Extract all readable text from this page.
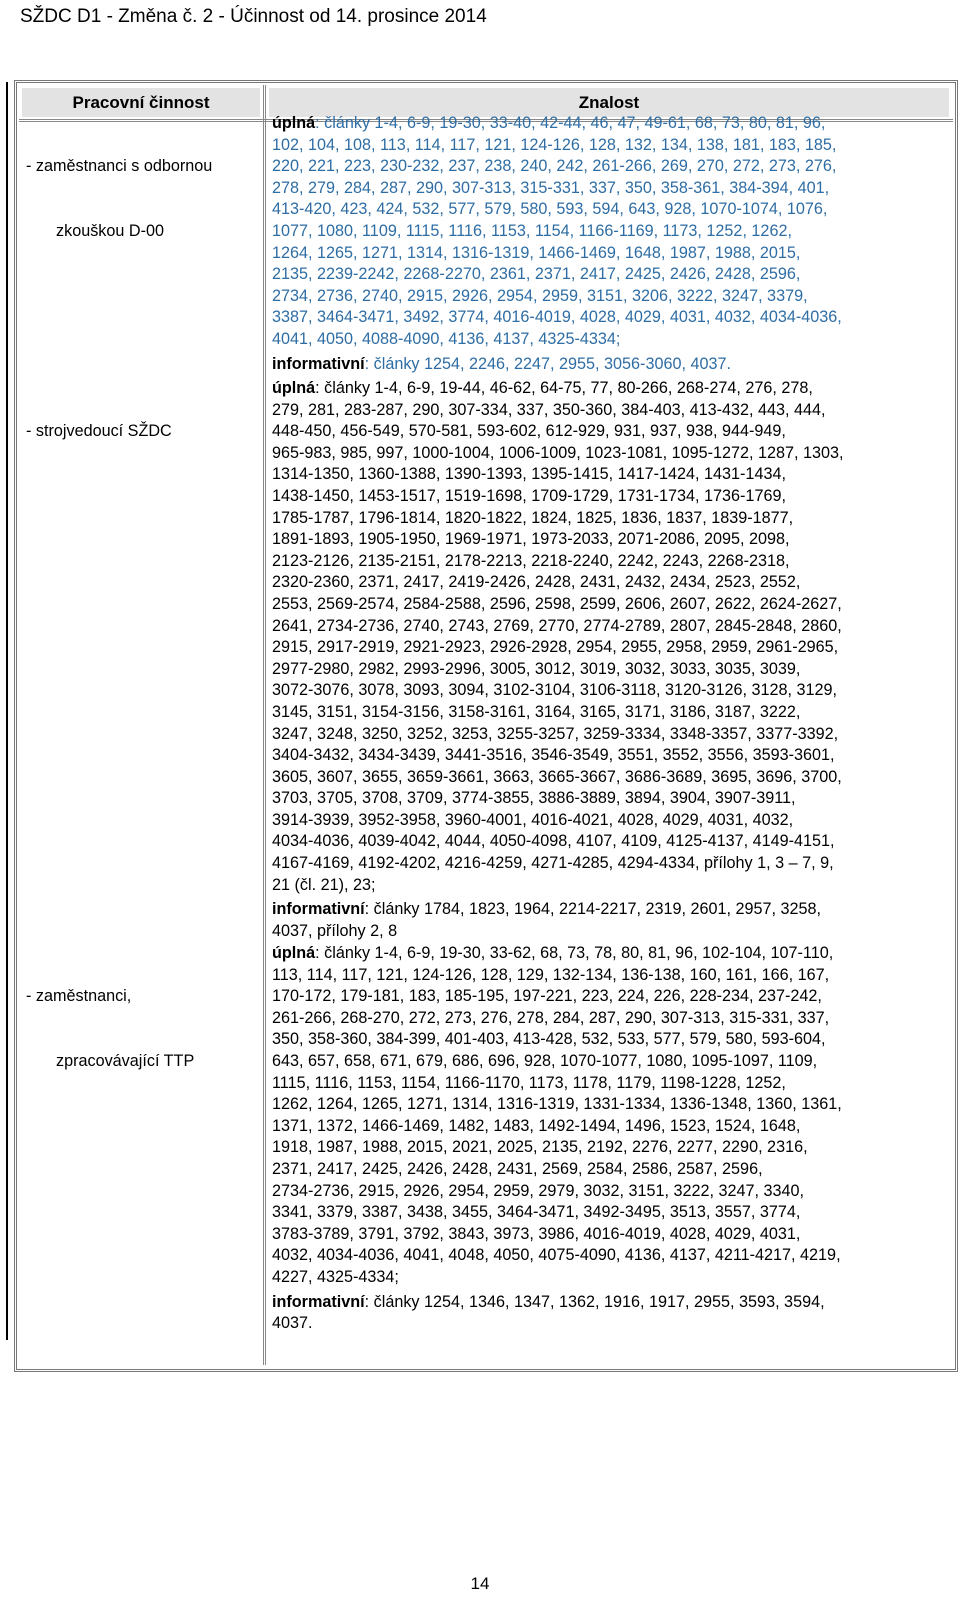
SŽDC D1 - Změna č. 2 - Účinnost od 14. prosince 2014
Pracovní činnost	Znalost

- zaměstnanci s odbornou

zkouškou D-00

úplná: články 1-4, 6-9, 19-30, 33-40, 42-44, 46, 47, 49-61, 68, 73, 80, 81, 96,
102, 104, 108, 113, 114, 117, 121, 124-126, 128, 132, 134, 138, 181, 183, 185,
220, 221, 223, 230-232, 237, 238, 240, 242, 261-266, 269, 270, 272, 273, 276,
278, 279, 284, 287, 290, 307-313, 315-331, 337, 350, 358-361, 384-394, 401,
413-420, 423, 424, 532, 577, 579, 580, 593, 594, 643, 928, 1070-1074, 1076,
1077, 1080, 1109, 1115, 1116, 1153, 1154, 1166-1169, 1173, 1252, 1262,
1264, 1265, 1271, 1314, 1316-1319, 1466-1469, 1648, 1987, 1988, 2015,
2135, 2239-2242, 2268-2270, 2361, 2371, 2417, 2425, 2426, 2428, 2596,
2734, 2736, 2740, 2915, 2926, 2954, 2959, 3151, 3206, 3222, 3247, 3379,
3387, 3464-3471, 3492, 3774, 4016-4019, 4028, 4029, 4031, 4032, 4034-4036,
4041, 4050, 4088-4090, 4136, 4137, 4325-4334;
informativní: články 1254, 2246, 2247, 2955, 3056-3060, 4037.

- strojvedoucí SŽDC

úplná: články 1-4, 6-9, 19-44, 46-62, 64-75, 77, 80-266, 268-274, 276, 278,
279, 281, 283-287, 290, 307-334, 337, 350-360, 384-403, 413-432, 443, 444,
448-450, 456-549, 570-581, 593-602, 612-929, 931, 937, 938, 944-949,
965-983, 985, 997, 1000-1004, 1006-1009, 1023-1081, 1095-1272, 1287, 1303,
1314-1350, 1360-1388, 1390-1393, 1395-1415, 1417-1424, 1431-1434,
1438-1450, 1453-1517, 1519-1698, 1709-1729, 1731-1734, 1736-1769,
1785-1787, 1796-1814, 1820-1822, 1824, 1825, 1836, 1837, 1839-1877,
1891-1893, 1905-1950, 1969-1971, 1973-2033, 2071-2086, 2095, 2098,
2123-2126, 2135-2151, 2178-2213, 2218-2240, 2242, 2243, 2268-2318,
2320-2360, 2371, 2417, 2419-2426, 2428, 2431, 2432, 2434, 2523, 2552,
2553, 2569-2574, 2584-2588, 2596, 2598, 2599, 2606, 2607, 2622, 2624-2627,
2641, 2734-2736, 2740, 2743, 2769, 2770, 2774-2789, 2807, 2845-2848, 2860,
2915, 2917-2919, 2921-2923, 2926-2928, 2954, 2955, 2958, 2959, 2961-2965,
2977-2980, 2982, 2993-2996, 3005, 3012, 3019, 3032, 3033, 3035, 3039,
3072-3076, 3078, 3093, 3094, 3102-3104, 3106-3118, 3120-3126, 3128, 3129,
3145, 3151, 3154-3156, 3158-3161, 3164, 3165, 3171, 3186, 3187, 3222,
3247, 3248, 3250, 3252, 3253, 3255-3257, 3259-3334, 3348-3357, 3377-3392,
3404-3432, 3434-3439, 3441-3516, 3546-3549, 3551, 3552, 3556, 3593-3601,
3605, 3607, 3655, 3659-3661, 3663, 3665-3667, 3686-3689, 3695, 3696, 3700,
3703, 3705, 3708, 3709, 3774-3855, 3886-3889, 3894, 3904, 3907-3911,
3914-3939, 3952-3958, 3960-4001, 4016-4021, 4028, 4029, 4031, 4032,
4034-4036, 4039-4042, 4044, 4050-4098, 4107, 4109, 4125-4137, 4149-4151,
4167-4169, 4192-4202, 4216-4259, 4271-4285, 4294-4334, přílohy 1, 3 – 7, 9,
21 (čl. 21), 23;
informativní: články 1784, 1823, 1964, 2214-2217, 2319, 2601, 2957, 3258,
4037, přílohy 2, 8

- zaměstnanci,

zpracovávající TTP

úplná: články 1-4, 6-9, 19-30, 33-62, 68, 73, 78, 80, 81, 96, 102-104, 107-110,
113, 114, 117, 121, 124-126, 128, 129, 132-134, 136-138, 160, 161, 166, 167,
170-172, 179-181, 183, 185-195, 197-221, 223, 224, 226, 228-234, 237-242,
261-266, 268-270, 272, 273, 276, 278, 284, 287, 290, 307-313, 315-331, 337,
350, 358-360, 384-399, 401-403, 413-428, 532, 533, 577, 579, 580, 593-604,
643, 657, 658, 671, 679, 686, 696, 928, 1070-1077, 1080, 1095-1097, 1109,
1115, 1116, 1153, 1154, 1166-1170, 1173, 1178, 1179, 1198-1228, 1252,
1262, 1264, 1265, 1271, 1314, 1316-1319, 1331-1334, 1336-1348, 1360, 1361,
1371, 1372, 1466-1469, 1482, 1483, 1492-1494, 1496, 1523, 1524, 1648,
1918, 1987, 1988, 2015, 2021, 2025, 2135, 2192, 2276, 2277, 2290, 2316,
2371, 2417, 2425, 2426, 2428, 2431, 2569, 2584, 2586, 2587, 2596,
2734-2736, 2915, 2926, 2954, 2959, 2979, 3032, 3151, 3222, 3247, 3340,
3341, 3379, 3387, 3438, 3455, 3464-3471, 3492-3495, 3513, 3557, 3774,
3783-3789, 3791, 3792, 3843, 3973, 3986, 4016-4019, 4028, 4029, 4031,
4032, 4034-4036, 4041, 4048, 4050, 4075-4090, 4136, 4137, 4211-4217, 4219,
4227, 4325-4334;
informativní: články 1254, 1346, 1347, 1362, 1916, 1917, 2955, 3593, 3594,
4037.
14
